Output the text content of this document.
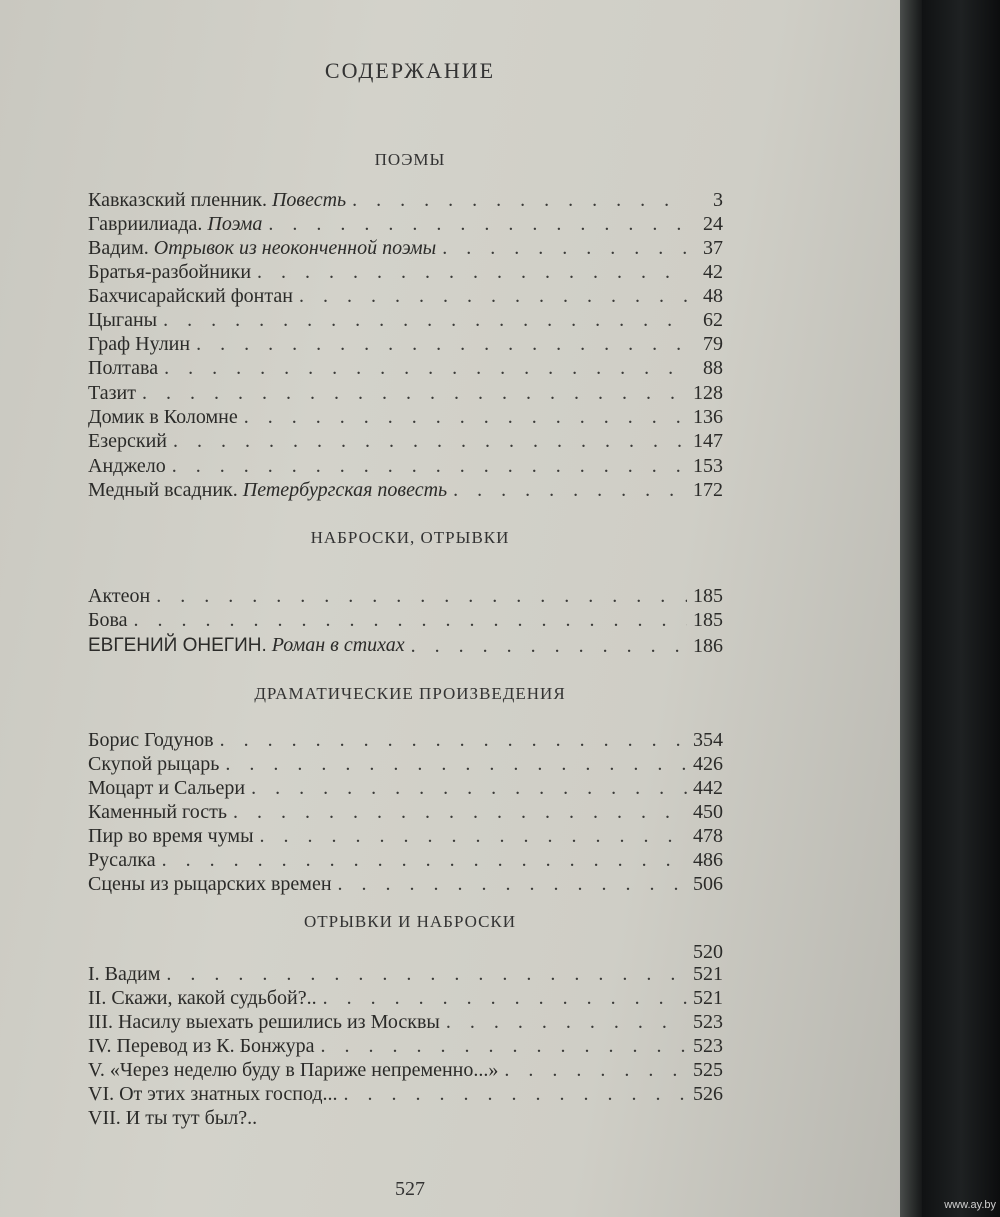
СОДЕРЖАНИЕ
ПОЭМЫ
Кавказский пленник. Повесть . . .	3
Гавриилиада. Поэма . . .	24
Вадим. Отрывок из неоконченной поэмы . . .	37
Братья-разбойники . . .	42
Бахчисарайский фонтан . . .	48
Цыганы . . .	62
Граф Нулин . . .	79
Полтава . . .	88
Тазит . . .	128
Домик в Коломне . . .	136
Езерский . . .	147
Анджело . . .	153
Медный всадник. Петербургская повесть . . .	172
НАБРОСКИ, ОТРЫВКИ
Актеон . . .	185
Бова . . .	185
ЕВГЕНИЙ ОНЕГИН. Роман в стихах . . .	186
ДРАМАТИЧЕСКИЕ ПРОИЗВЕДЕНИЯ
Борис Годунов . . .	354
Скупой рыцарь . . .	426
Моцарт и Сальери . . .	442
Каменный гость . . .	450
Пир во время чумы . . .	478
Русалка . . .	486
Сцены из рыцарских времен . . .	506
ОТРЫВКИ И НАБРОСКИ
520
I. Вадим . . .	521
II. Скажи, какой судьбой?.. . . .	521
III. Насилу выехать решились из Москвы . . .	523
IV. Перевод из К. Бонжура . . .	523
V. «Через неделю буду в Париже непременно...» . . .	525
VI. От этих знатных господ... . . .	526
VII. И ты тут был?..
527
www.ay.by
